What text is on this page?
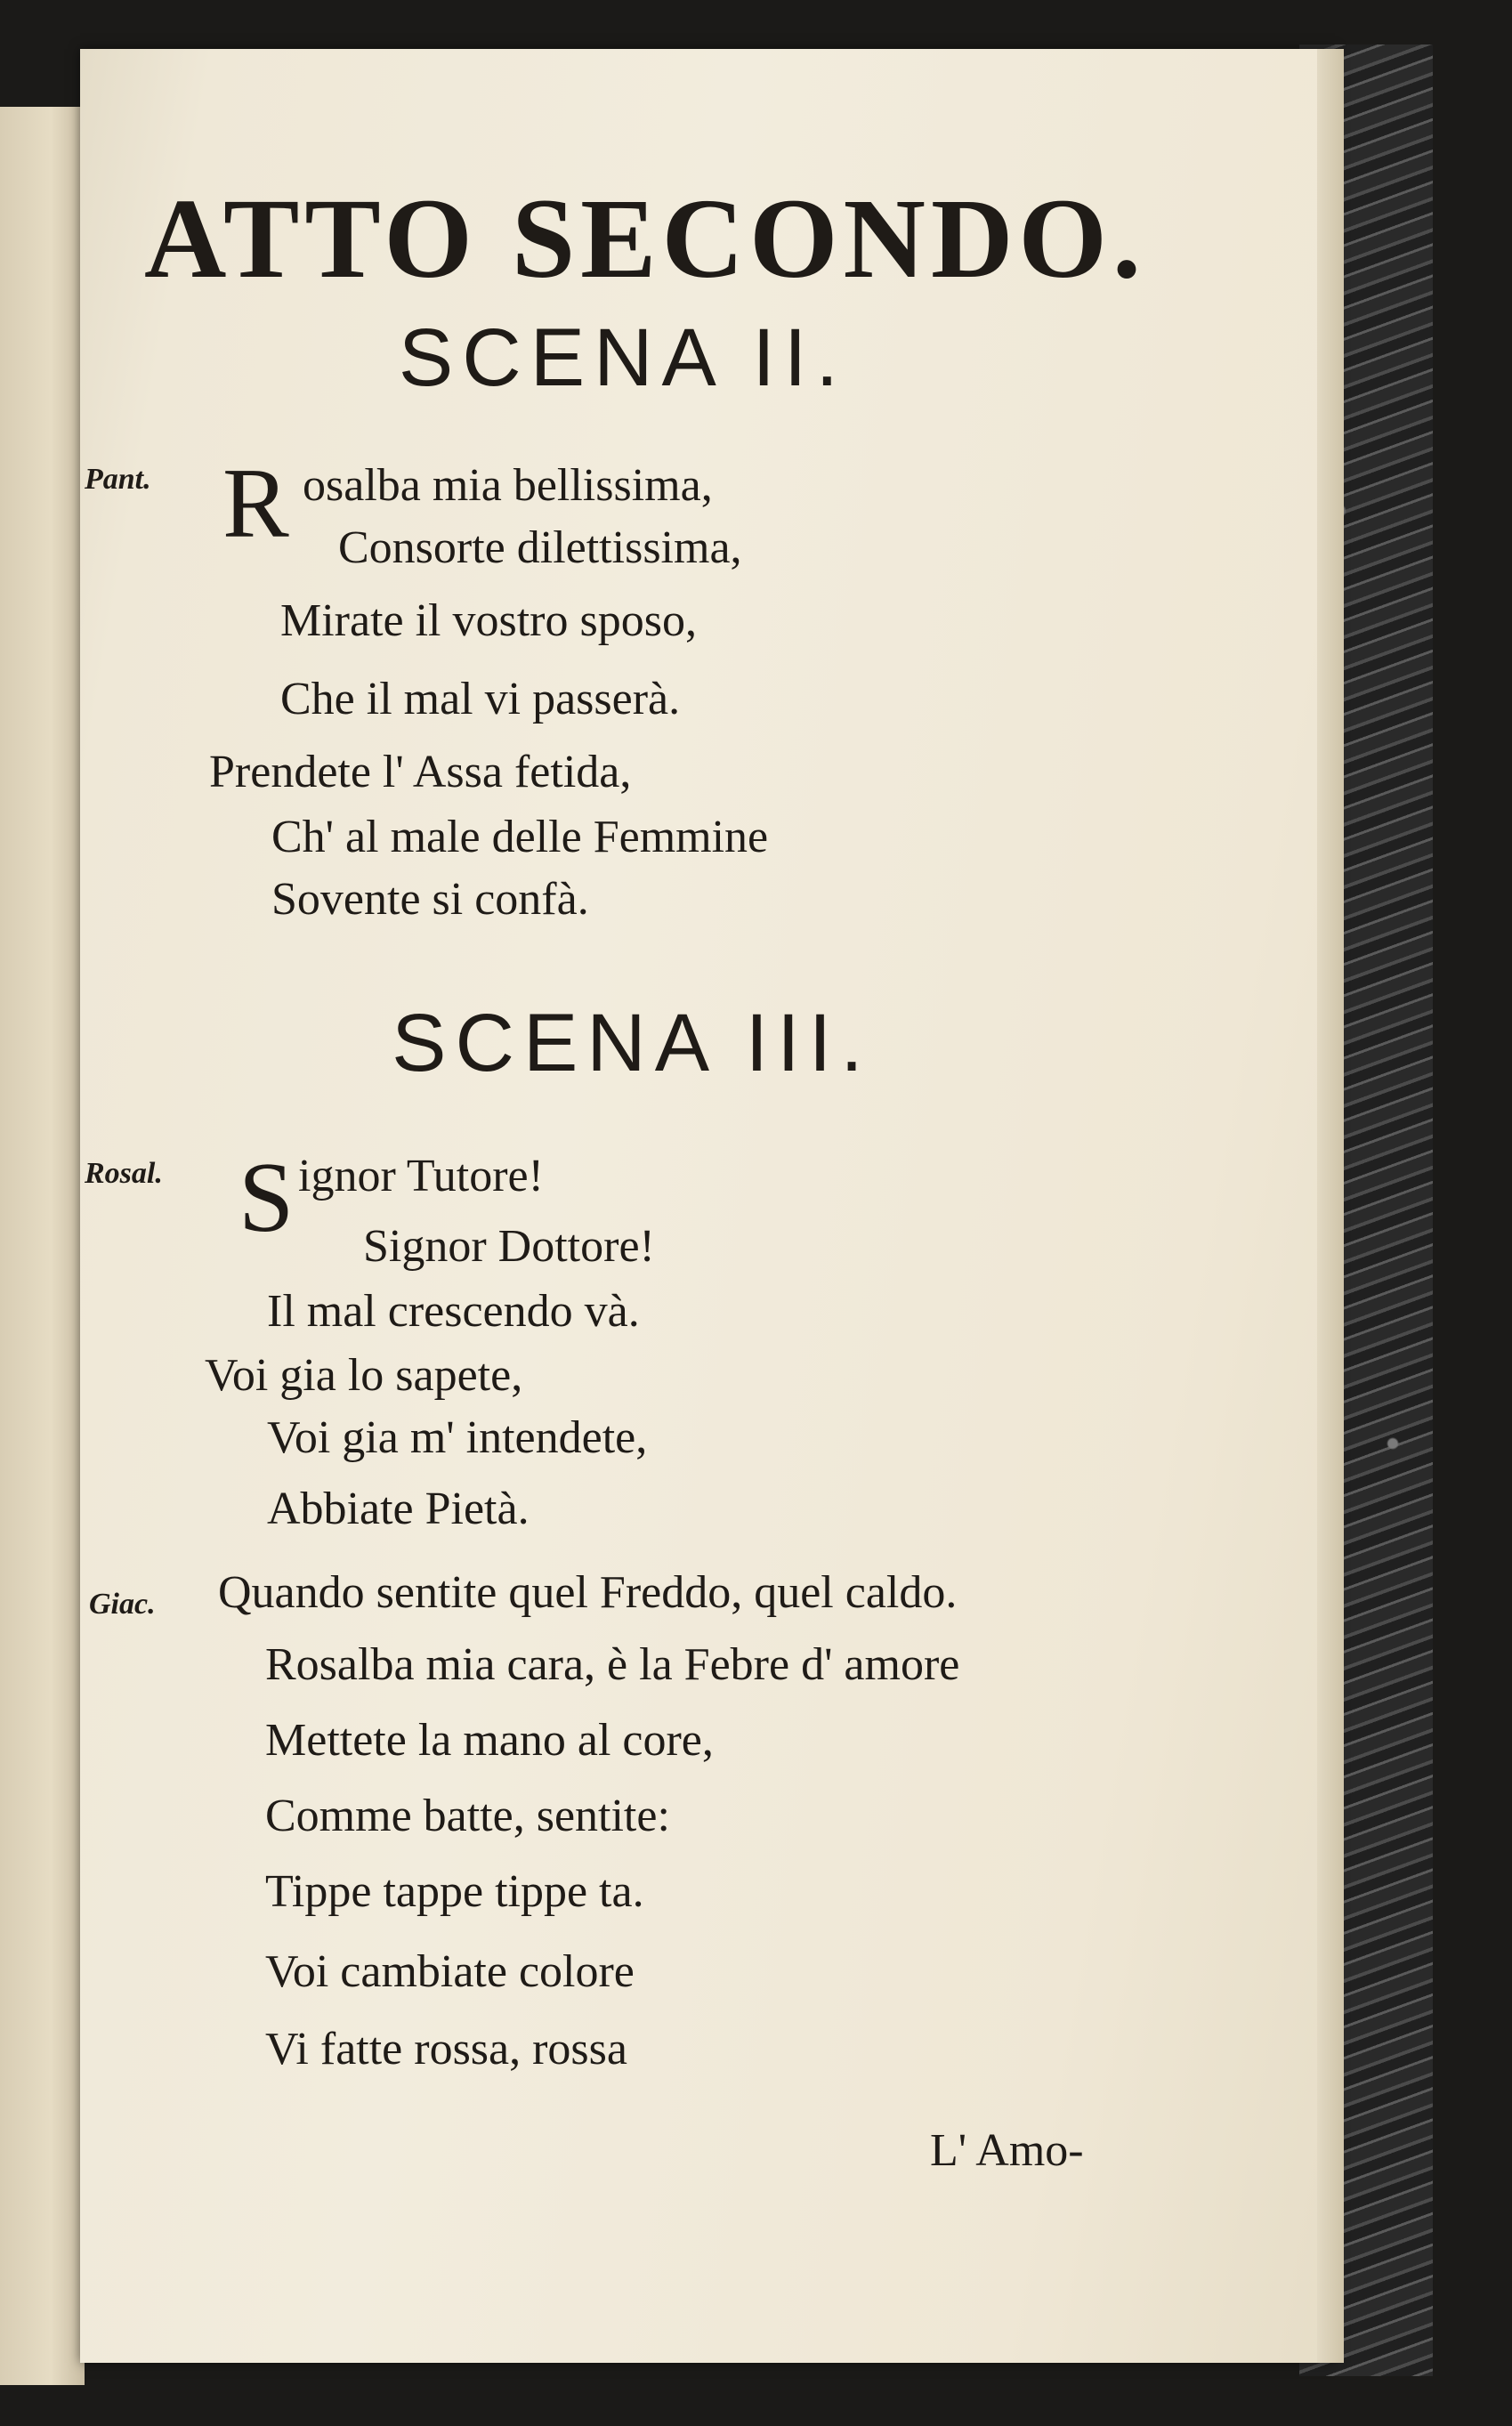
ATTO SECONDO.
SCENA II.
Pant. R osalba mia bellissima,
Consorte dilettissima,
Mirate il vostro sposo,
Che il mal vi passerà.
Prendete l' Assa fetida,
Ch' al male delle Femmine
Sovente si confà.
SCENA III.
Rosal. S ignor Tutore!
Signor Dottore!
Il mal crescendo và.
Voi gia lo sapete,
Voi gia m' intendete,
Abbiate Pietà.
Giac. Quando sentite quel Freddo, quel caldo.
Rosalba mia cara, è la Febre d' amore
Mettete la mano al core,
Comme batte, sentite:
Tippe tappe tippe ta.
Voi cambiate colore
Vi fatte rossa, rossa
L' Amo-
